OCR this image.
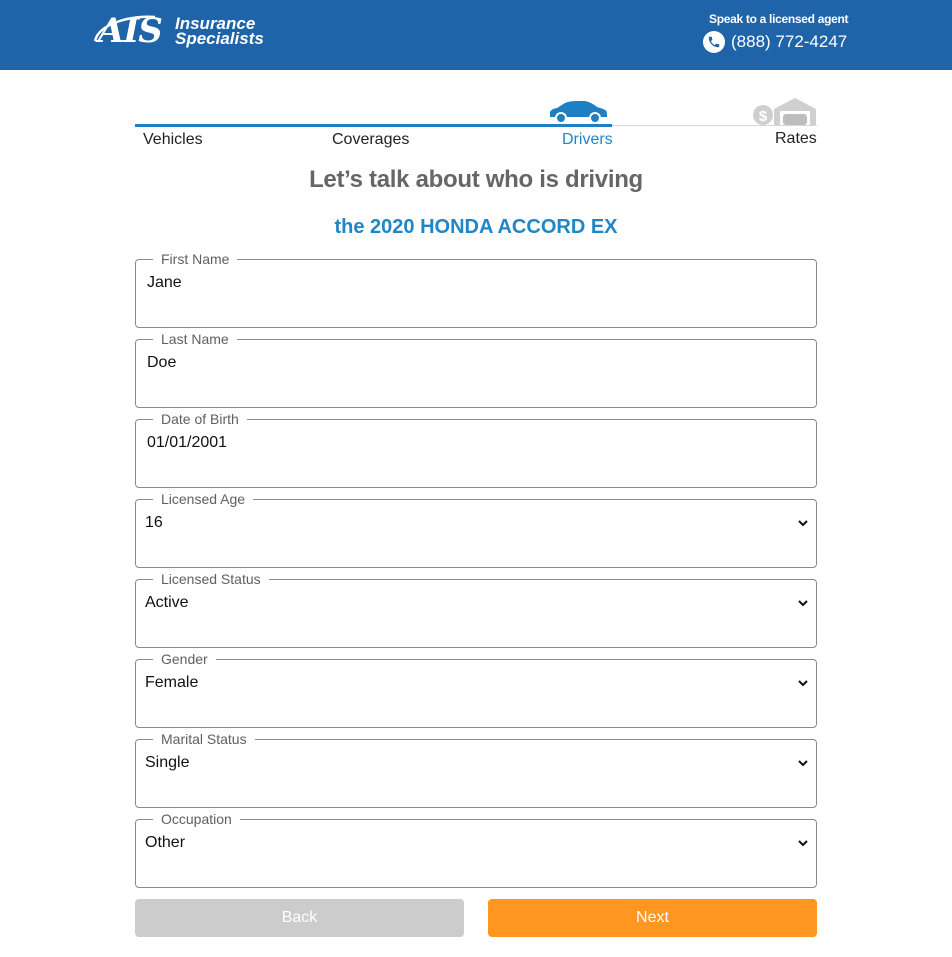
AIS Insurance
Specialists
Speak to a licensed agent
(888) 772-4247
$
Vehicles	Coverages	Drivers	Rates
Let’s talk about who is driving
the 2020 HONDA ACCORD EX
First Name
Jane
Last Name
Doe
Date of Birth
01/01/2001
Licensed Age
16
Licensed Status
Active
Gender
Female
Marital Status
Single
Occupation
Other
Back	Next
